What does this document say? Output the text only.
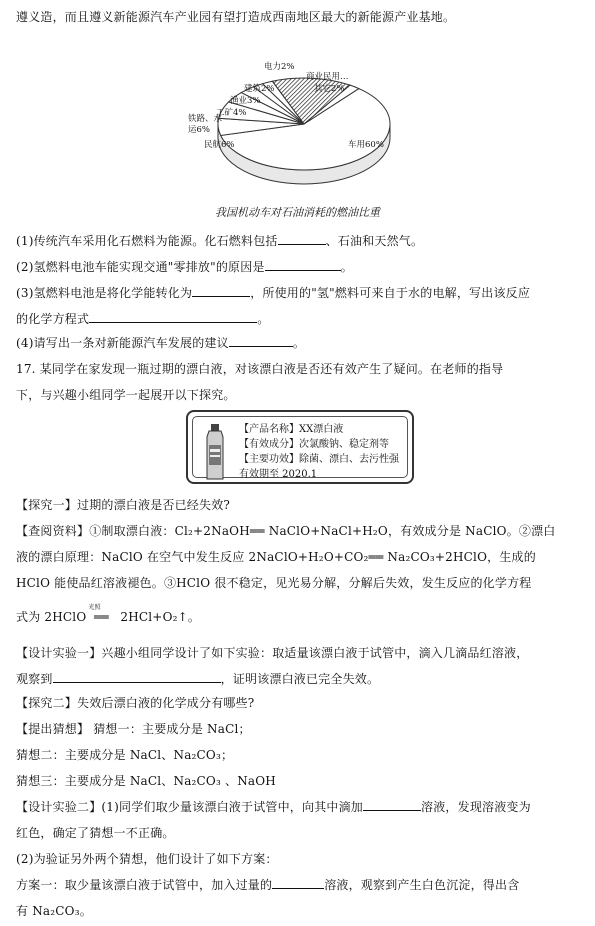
遵义造，而且遵义新能源汽车产业园有望打造成西南地区最大的新能源产业基地。
电力2%
商业民用…
建筑2%	其它2%
渔业3%
工矿4%
铁路、水运6%
民航6%	车用60%
农用…
我国机动车对石油消耗的燃油比重
(1)传统汽车采用化石燃料为能源。化石燃料包括	、石油和天然气。
(2)氢燃料电池车能实现交通"零排放"的原因是	。
(3)氢燃料电池是将化学能转化为	，所使用的"氢"燃料可来自于水的电解，写出该反应
的化学方程式	。
(4)请写出一条对新能源汽车发展的建议	。
17. 某同学在家发现一瓶过期的漂白液，对该漂白液是否还有效产生了疑问。在老师的指导
下，与兴趣小组同学一起展开以下探究。
【产品名称】XX漂白液
【有效成分】次氯酸钠、稳定剂等
【主要功效】除菌、漂白、去污性强
有效期至 2020.1
【探究一】过期的漂白液是否已经失效?
【查阅资料】①制取漂白液：Cl₂+2NaOH══ NaClO+NaCl+H₂O，有效成分是 NaClO。②漂白
液的漂白原理：NaClO 在空气中发生反应 2NaClO+H₂O+CO₂══ Na₂CO₃+2HClO，生成的
HClO 能使品红溶液褪色。③HClO 很不稳定，见光易分解，分解后失效，发生反应的化学方程
式为 2HClO
光照
══ 2HCl+O₂↑。
【设计实验一】兴趣小组同学设计了如下实验：取适量该漂白液于试管中，滴入几滴品红溶液，
观察到	，证明该漂白液已完全失效。
【探究二】失效后漂白液的化学成分有哪些?
【提出猜想】 猜想一：主要成分是 NaCl；
猜想二：主要成分是 NaCl、Na₂CO₃；
猜想三：主要成分是 NaCl、Na₂CO₃ 、NaOH
【设计实验二】(1)同学们取少量该漂白液于试管中，向其中滴加	溶液，发现溶液变为
红色，确定了猜想一不正确。
(2)为验证另外两个猜想，他们设计了如下方案：
方案一：取少量该漂白液于试管中，加入过量的	溶液，观察到产生白色沉淀，得出含
有 Na₂CO₃。
